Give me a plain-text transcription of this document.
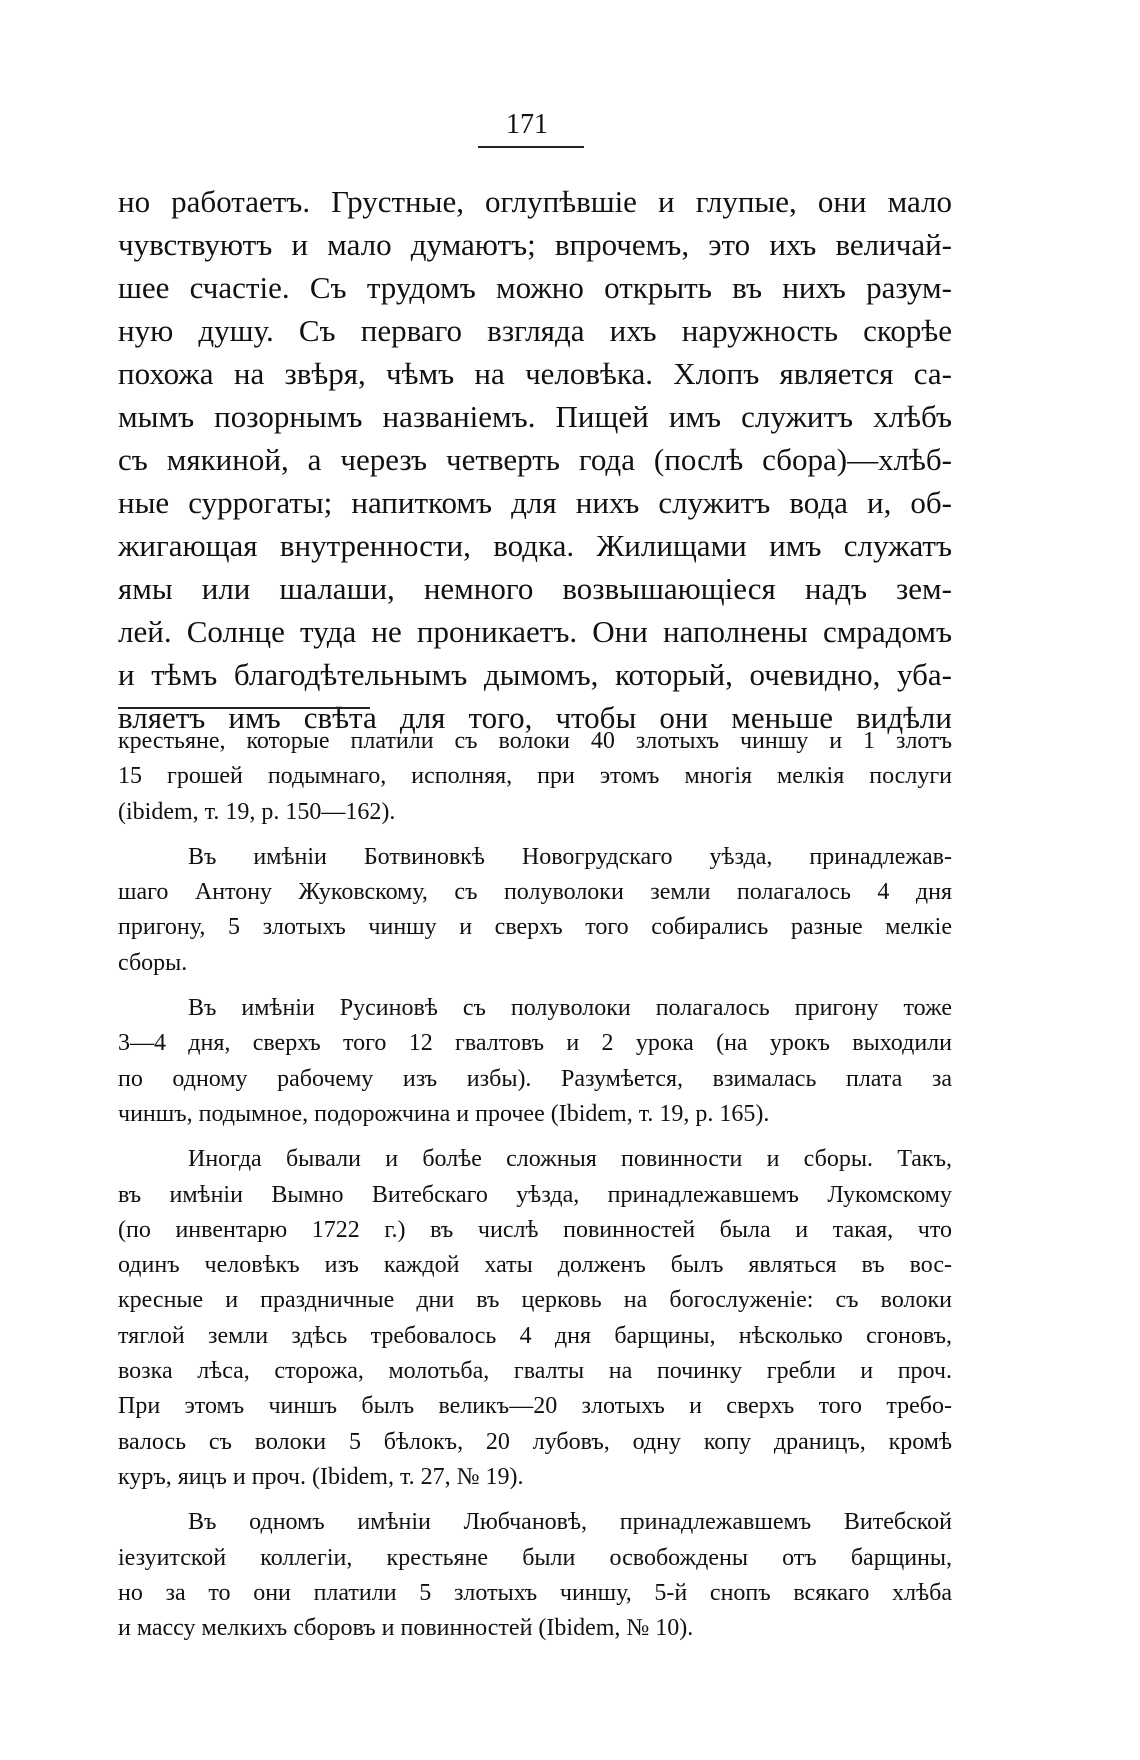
171
но работаетъ. Грустные, оглупѣвшіе и глупые, они мало
чувствуютъ и мало думаютъ; впрочемъ, это ихъ величай-
шее счастіе. Съ трудомъ можно открыть въ нихъ разум-
ную душу. Съ перваго взгляда ихъ наружность скорѣе
похожа на звѣря, чѣмъ на человѣка. Хлопъ является са-
мымъ позорнымъ названіемъ. Пищей имъ служитъ хлѣбъ
съ мякиной, а черезъ четверть года (послѣ сбора)—хлѣб-
ные суррогаты; напиткомъ для нихъ служитъ вода и, об-
жигающая внутренности, водка. Жилищами имъ служатъ
ямы или шалаши, немного возвышающіеся надъ зем-
лей. Солнце туда не проникаетъ. Они наполнены смрадомъ
и тѣмъ благодѣтельнымъ дымомъ, который, очевидно, уба-
вляетъ имъ свѣта для того, чтобы они меньше видѣли
крестьяне, которые платили съ волоки 40 злотыхъ чиншу и 1 злотъ
15 грошей подымнаго, исполняя, при этомъ многія мелкія послуги
(ibidem, т. 19, р. 150—162).
Въ имѣніи Ботвиновкѣ Новогрудскаго уѣзда, принадлежав-
шаго Антону Жуковскому, съ полуволоки земли полагалось 4 дня
пригону, 5 злотыхъ чиншу и сверхъ того собирались разные мелкіе
сборы.
Въ имѣніи Русиновѣ съ полуволоки полагалось пригону тоже
3—4 дня, сверхъ того 12 гвалтовъ и 2 урока (на урокъ выходили
по одному рабочему изъ избы). Разумѣется, взималась плата за
чиншъ, подымное, подорожчина и прочее (Ibidem, т. 19, р. 165).
Иногда бывали и болѣе сложныя повинности и сборы. Такъ,
въ имѣніи Вымно Витебскаго уѣзда, принадлежавшемъ Лукомскому
(по инвентарю 1722 г.) въ числѣ повинностей была и такая, что
одинъ человѣкъ изъ каждой хаты долженъ былъ являться въ вос-
кресные и праздничные дни въ церковь на богослуженіе: съ волоки
тяглой земли здѣсь требовалось 4 дня барщины, нѣсколько сгоновъ,
возка лѣса, сторожа, молотьба, гвалты на починку гребли и проч.
При этомъ чиншъ былъ великъ—20 злотыхъ и сверхъ того требо-
валось съ волоки 5 бѣлокъ, 20 лубовъ, одну копу драницъ, кромѣ
куръ, яицъ и проч. (Ibidem, т. 27, № 19).
Въ одномъ имѣніи Любчановѣ, принадлежавшемъ Витебской
іезуитской коллегіи, крестьяне были освобождены отъ барщины,
но за то они платили 5 злотыхъ чиншу, 5-й снопъ всякаго хлѣба
и массу мелкихъ сборовъ и повинностей (Ibidem, № 10).
